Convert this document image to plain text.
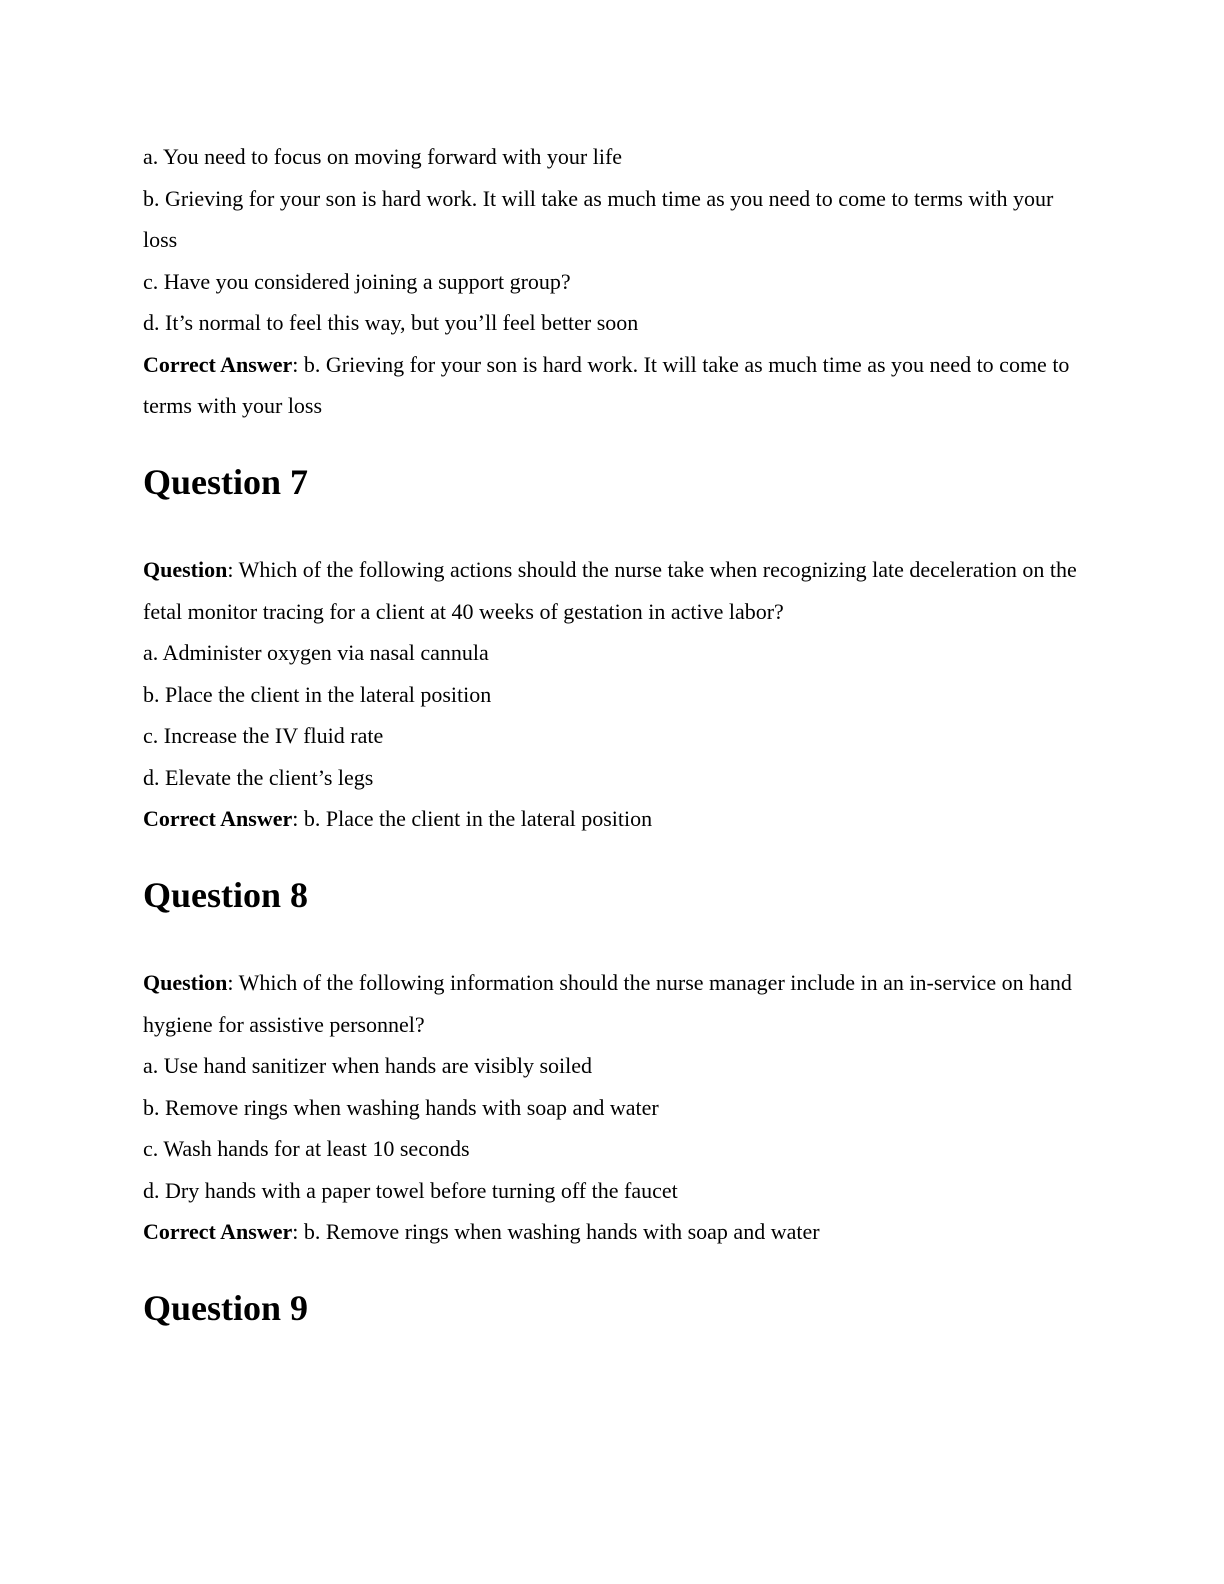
a. You need to focus on moving forward with your life

b. Grieving for your son is hard work. It will take as much time as you need to come to terms with your loss

c. Have you considered joining a support group?

d. It’s normal to feel this way, but you’ll feel better soon

Correct Answer: b. Grieving for your son is hard work. It will take as much time as you need to come to terms with your loss

Question 7

Question: Which of the following actions should the nurse take when recognizing late deceleration on the fetal monitor tracing for a client at 40 weeks of gestation in active labor?

a. Administer oxygen via nasal cannula

b. Place the client in the lateral position

c. Increase the IV fluid rate

d. Elevate the client’s legs

Correct Answer: b. Place the client in the lateral position

Question 8

Question: Which of the following information should the nurse manager include in an in-service on hand hygiene for assistive personnel?

a. Use hand sanitizer when hands are visibly soiled

b. Remove rings when washing hands with soap and water

c. Wash hands for at least 10 seconds

d. Dry hands with a paper towel before turning off the faucet

Correct Answer: b. Remove rings when washing hands with soap and water

Question 9
